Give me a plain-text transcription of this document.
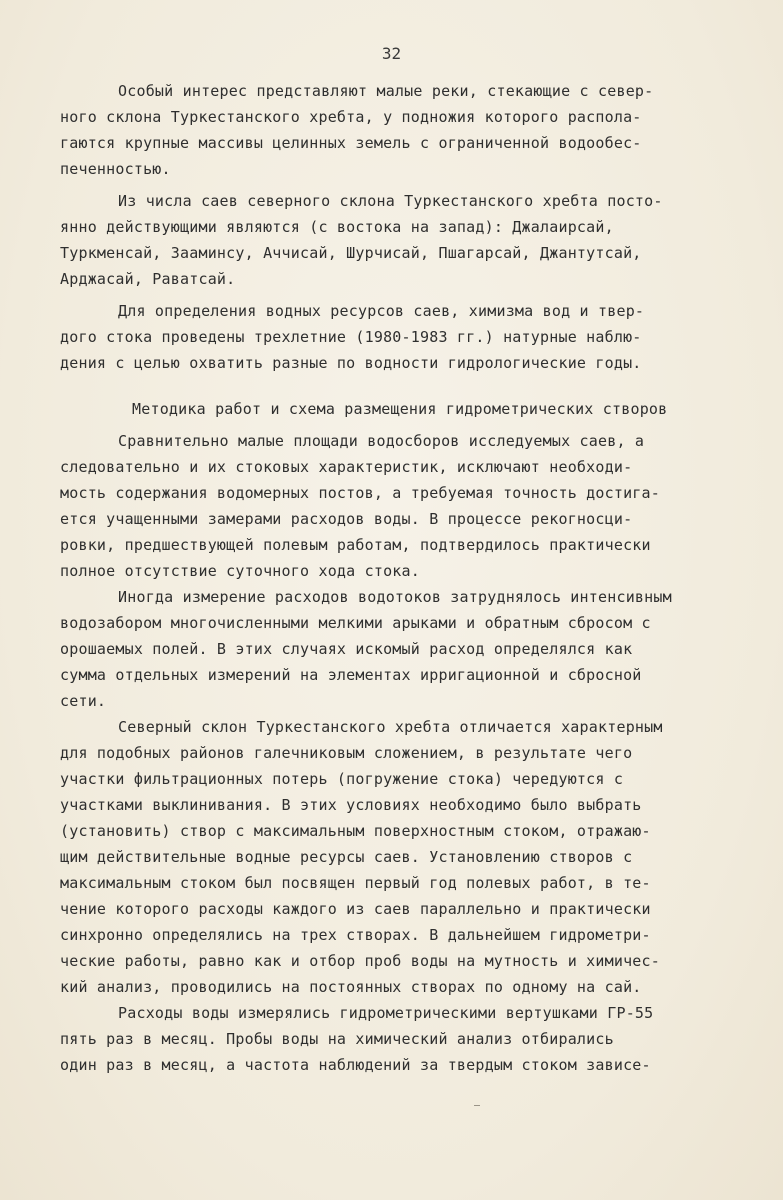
32
Особый интерес представляют малые реки, стекающие с север-
ного склона Туркестанского хребта, у подножия которого распола-
гаются крупные массивы целинных земель с ограниченной водообес-
печенностью.
Из числа саев северного склона Туркестанского хребта посто-
янно действующими являются (с востока на запад): Джалаирсай,
Туркменсай, Зааминсу, Аччисай, Шурчисай, Пшагарсай, Джантутсай,
Арджасай, Раватсай.
Для определения водных ресурсов саев, химизма вод и твер-
дого стока проведены трехлетние (1980-1983 гг.) натурные наблю-
дения с целью охватить разные по водности гидрологические годы.
Методика работ и схема размещения гидрометрических створов
Сравнительно малые площади водосборов исследуемых саев, а
следовательно и их стоковых характеристик, исключают необходи-
мость содержания водомерных постов, а требуемая точность достига-
ется учащенными замерами расходов воды. В процессе рекогносци-
ровки, предшествующей полевым работам, подтвердилось практически
полное отсутствие суточного хода стока.
Иногда измерение расходов водотоков затруднялось интенсивным
водозабором многочисленными мелкими арыками и обратным сбросом с
орошаемых полей. В этих случаях искомый расход определялся как
сумма отдельных измерений на элементах ирригационной и сбросной
сети.
Северный склон Туркестанского хребта отличается характерным
для подобных районов галечниковым сложением, в результате чего
участки фильтрационных потерь (погружение стока) чередуются с
участками выклинивания. В этих условиях необходимо было выбрать
(установить) створ с максимальным поверхностным стоком, отражаю-
щим действительные водные ресурсы саев. Установлению створов с
максимальным стоком был посвящен первый год полевых работ, в те-
чение которого расходы каждого из саев параллельно и практически
синхронно определялись на трех створах. В дальнейшем гидрометри-
ческие работы, равно как и отбор проб воды на мутность и химичес-
кий анализ, проводились на постоянных створах по одному на сай.
Расходы воды измерялись гидрометрическими вертушками ГР-55
пять раз в месяц. Пробы воды на химический анализ отбирались
один раз в месяц, а частота наблюдений за твердым стоком зависе-
